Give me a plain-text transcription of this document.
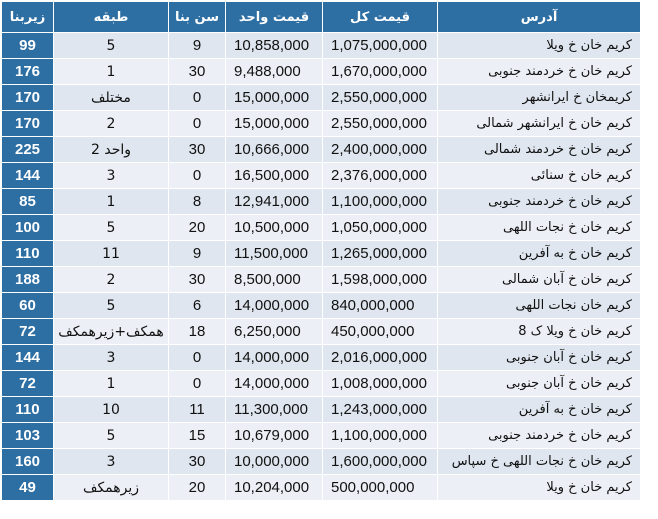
آدرس	قیمت کل	قیمت واحد	سن بنا	طبقه	زیربنا
کریم خان خ ویلا	1,075,000,000	10,858,000	9	5	99
کریم خان خ خردمند جنوبی	1,670,000,000	9,488,000	30	1	176
کریمخان خ ایرانشهر	2,550,000,000	15,000,000	0	مختلف	170
کریم خان خ ایرانشهر شمالی	2,550,000,000	15,000,000	0	2	170
کریم خان خ خردمند شمالی	2,400,000,000	10,666,000	30	واحد 2	225
کریم خان خ سنائی	2,376,000,000	16,500,000	0	3	144
کریم خان خ خردمند جنوبی	1,100,000,000	12,941,000	8	1	85
کریم خان خ نجات اللهی	1,050,000,000	10,500,000	20	5	100
کریم خان خ به آفرین	1,265,000,000	11,500,000	9	11	110
کریم خان خ آبان شمالی	1,598,000,000	8,500,000	30	2	188
کریم خان نجات اللهی	840,000,000	14,000,000	6	5	60
کریم خان خ ویلا ک 8	450,000,000	6,250,000	18	همکف+زیرهمکف	72
کریم خان خ آبان جنوبی	2,016,000,000	14,000,000	0	3	144
کریم خان خ آبان جنوبی	1,008,000,000	14,000,000	0	1	72
کریم خان خ به آفرین	1,243,000,000	11,300,000	11	10	110
کریم خان خ خردمند جنوبی	1,100,000,000	10,679,000	15	5	103
کریم خان خ نجات اللهی خ سپاس	1,600,000,000	10,000,000	30	3	160
کریم خان خ ویلا	500,000,000	10,204,000	20	زیرهمکف	49
